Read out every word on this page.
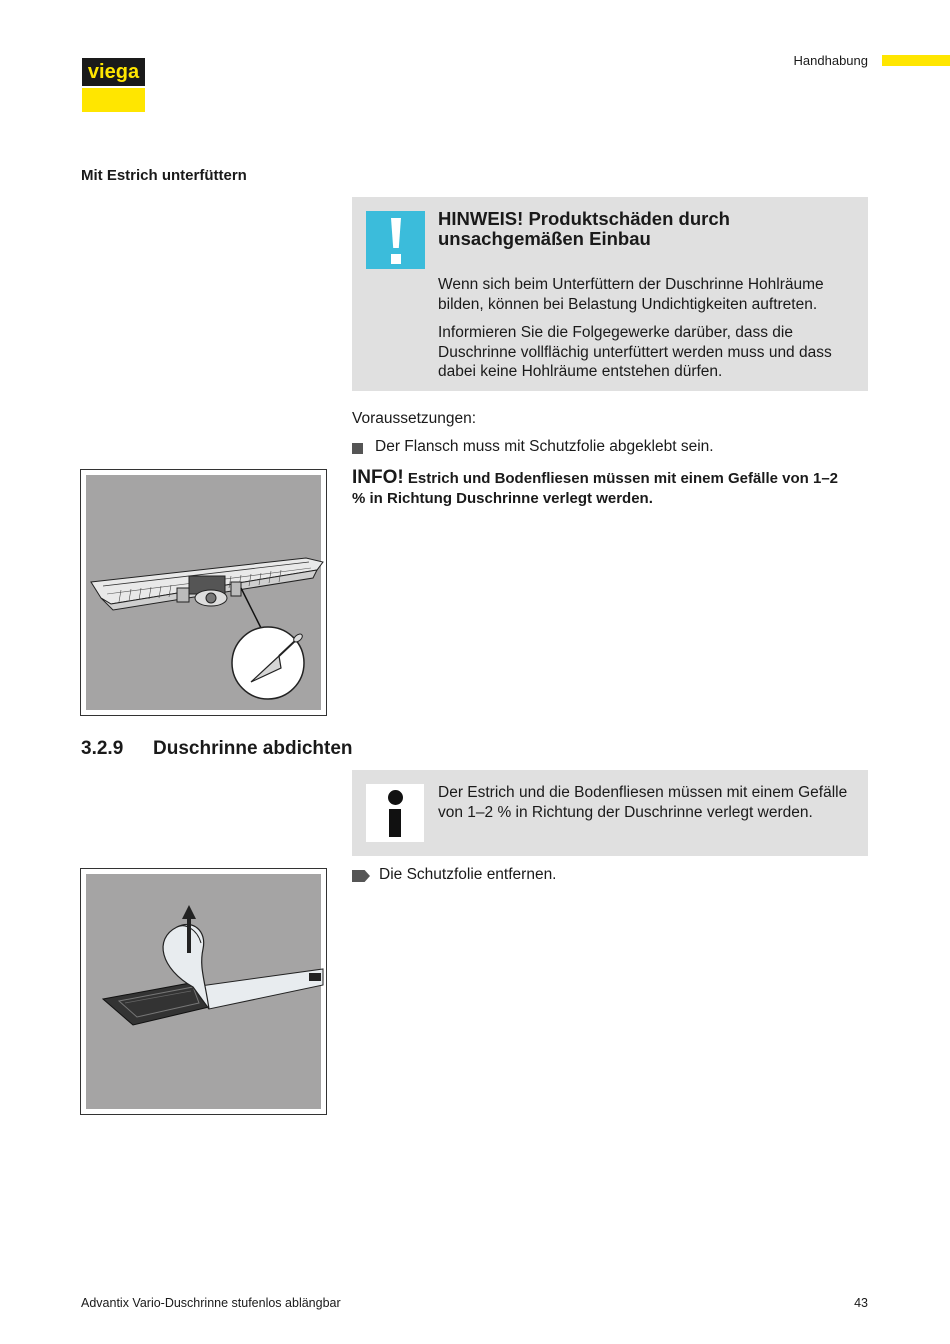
viega
Handhabung
Mit Estrich unterfüttern
HINWEIS! Produktschäden durch unsachgemäßen Einbau
Wenn sich beim Unterfüttern der Duschrinne Hohlräume bilden, können bei Belastung Undichtigkeiten auftreten.
Informieren Sie die Folgegewerke darüber, dass die Duschrinne vollflächig unterfüttert werden muss und dass dabei keine Hohlräume entstehen dürfen.
Voraussetzungen:
Der Flansch muss mit Schutzfolie abgeklebt sein.
INFO! Estrich und Bodenfliesen müssen mit einem Gefälle von 1–2 % in Richtung Duschrinne verlegt werden.
3.2.9 Duschrinne abdichten
Der Estrich und die Bodenfliesen müssen mit einem Gefälle von 1–2 % in Richtung der Duschrinne verlegt werden.
Die Schutzfolie entfernen.
Advantix Vario-Duschrinne stufenlos ablängbar	43
